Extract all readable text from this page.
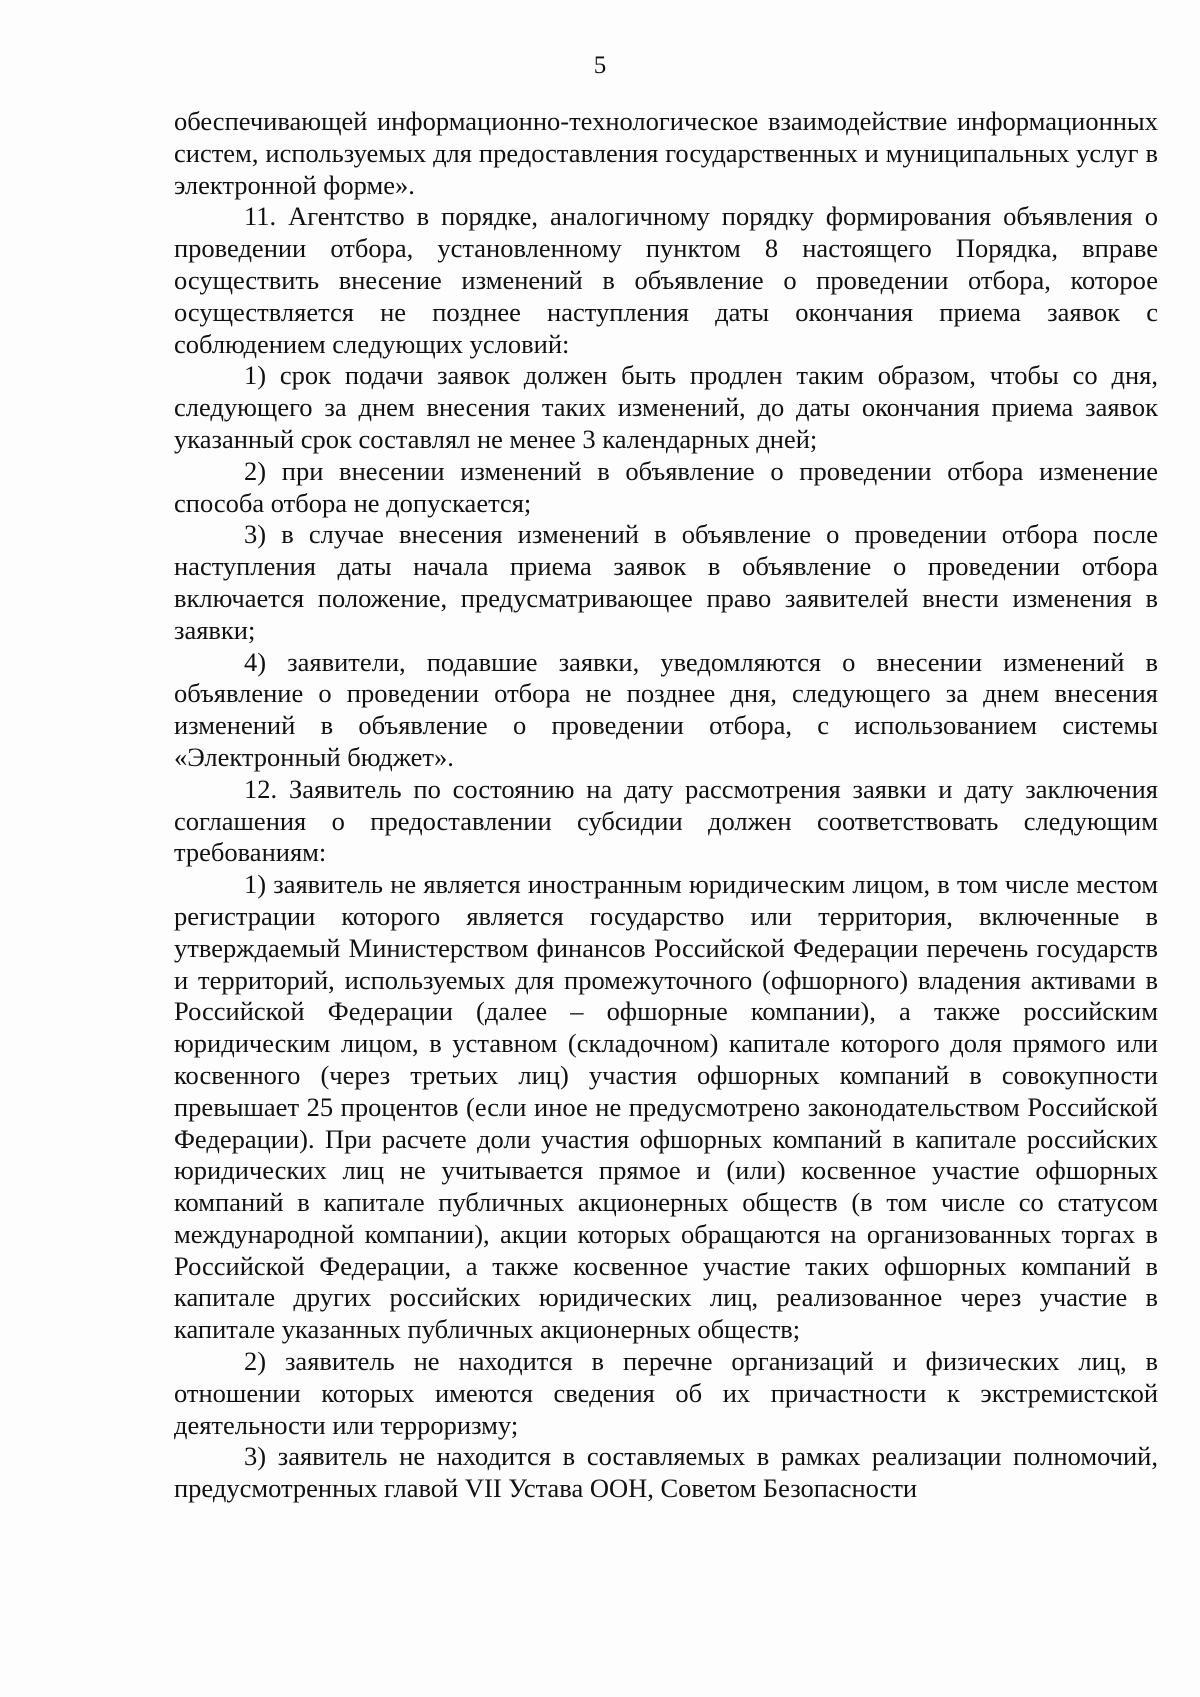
5

обеспечивающей информационно-технологическое взаимодействие информационных систем, используемых для предоставления государственных и муниципальных услуг в электронной форме».

11. Агентство в порядке, аналогичному порядку формирования объявления о проведении отбора, установленному пунктом 8 настоящего Порядка, вправе осуществить внесение изменений в объявление о проведении отбора, которое осуществляется не позднее наступления даты окончания приема заявок с соблюдением следующих условий:

1) срок подачи заявок должен быть продлен таким образом, чтобы со дня, следующего за днем внесения таких изменений, до даты окончания приема заявок указанный срок составлял не менее 3 календарных дней;

2) при внесении изменений в объявление о проведении отбора изменение способа отбора не допускается;

3) в случае внесения изменений в объявление о проведении отбора после наступления даты начала приема заявок в объявление о проведении отбора включается положение, предусматривающее право заявителей внести изменения в заявки;

4) заявители, подавшие заявки, уведомляются о внесении изменений в объявление о проведении отбора не позднее дня, следующего за днем внесения изменений в объявление о проведении отбора, с использованием системы «Электронный бюджет».

12. Заявитель по состоянию на дату рассмотрения заявки и дату заключения соглашения о предоставлении субсидии должен соответствовать следующим требованиям:

1) заявитель не является иностранным юридическим лицом, в том числе местом регистрации которого является государство или территория, включенные в утверждаемый Министерством финансов Российской Федерации перечень государств и территорий, используемых для промежуточного (офшорного) владения активами в Российской Федерации (далее – офшорные компании), а также российским юридическим лицом, в уставном (складочном) капитале которого доля прямого или косвенного (через третьих лиц) участия офшорных компаний в совокупности превышает 25 процентов (если иное не предусмотрено законодательством Российской Федерации). При расчете доли участия офшорных компаний в капитале российских юридических лиц не учитывается прямое и (или) косвенное участие офшорных компаний в капитале публичных акционерных обществ (в том числе со статусом международной компании), акции которых обращаются на организованных торгах в Российской Федерации, а также косвенное участие таких офшорных компаний в капитале других российских юридических лиц, реализованное через участие в капитале указанных публичных акционерных обществ;

2) заявитель не находится в перечне организаций и физических лиц, в отношении которых имеются сведения об их причастности к экстремистской деятельности или терроризму;

3) заявитель не находится в составляемых в рамках реализации полномочий, предусмотренных главой VII Устава ООН, Советом Безопасности
